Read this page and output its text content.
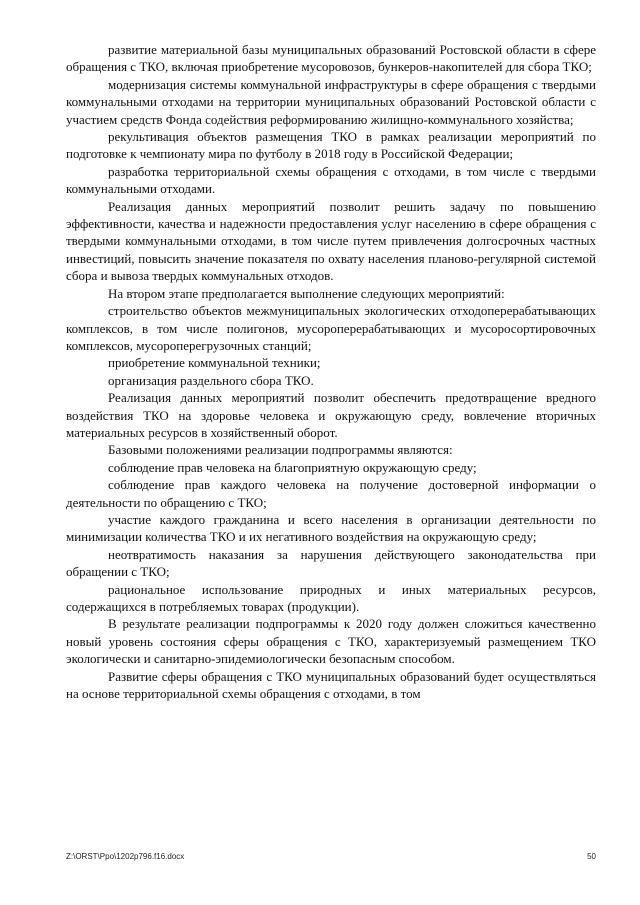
развитие материальной базы муниципальных образований Ростовской области в сфере обращения с ТКО, включая приобретение мусоровозов, бункеров-накопителей для сбора ТКО;

модернизация системы коммунальной инфраструктуры в сфере обращения с твердыми коммунальными отходами на территории муниципальных образований Ростовской области с участием средств Фонда содействия реформированию жилищно-коммунального хозяйства;

рекультивация объектов размещения ТКО в рамках реализации мероприятий по подготовке к чемпионату мира по футболу в 2018 году в Российской Федерации;

разработка территориальной схемы обращения с отходами, в том числе с твердыми коммунальными отходами.

Реализация данных мероприятий позволит решить задачу по повышению эффективности, качества и надежности предоставления услуг населению в сфере обращения с твердыми коммунальными отходами, в том числе путем привлечения долгосрочных частных инвестиций, повысить значение показателя по охвату населения планово-регулярной системой сбора и вывоза твердых коммунальных отходов.

На втором этапе предполагается выполнение следующих мероприятий:

строительство объектов межмуниципальных экологических отходоперерабатывающих комплексов, в том числе полигонов, мусороперерабатывающих и мусоросортировочных комплексов, мусороперегрузочных станций;

приобретение коммунальной техники;

организация раздельного сбора ТКО.

Реализация данных мероприятий позволит обеспечить предотвращение вредного воздействия ТКО на здоровье человека и окружающую среду, вовлечение вторичных материальных ресурсов в хозяйственный оборот.

Базовыми положениями реализации подпрограммы являются:

соблюдение прав человека на благоприятную окружающую среду;

соблюдение прав каждого человека на получение достоверной информации о деятельности по обращению с ТКО;

участие каждого гражданина и всего населения в организации деятельности по минимизации количества ТКО и их негативного воздействия на окружающую среду;

неотвратимость наказания за нарушения действующего законодательства при обращении с ТКО;

рациональное использование природных и иных материальных ресурсов, содержащихся в потребляемых товарах (продукции).

В результате реализации подпрограммы к 2020 году должен сложиться качественно новый уровень состояния сферы обращения с ТКО, характеризуемый размещением ТКО экологически и санитарно-эпидемиологически безопасным способом.

Развитие сферы обращения с ТКО муниципальных образований будет осуществляться на основе территориальной схемы обращения с отходами, в том

Z:\ORST\Ppo\1202p796.f16.docx	50
